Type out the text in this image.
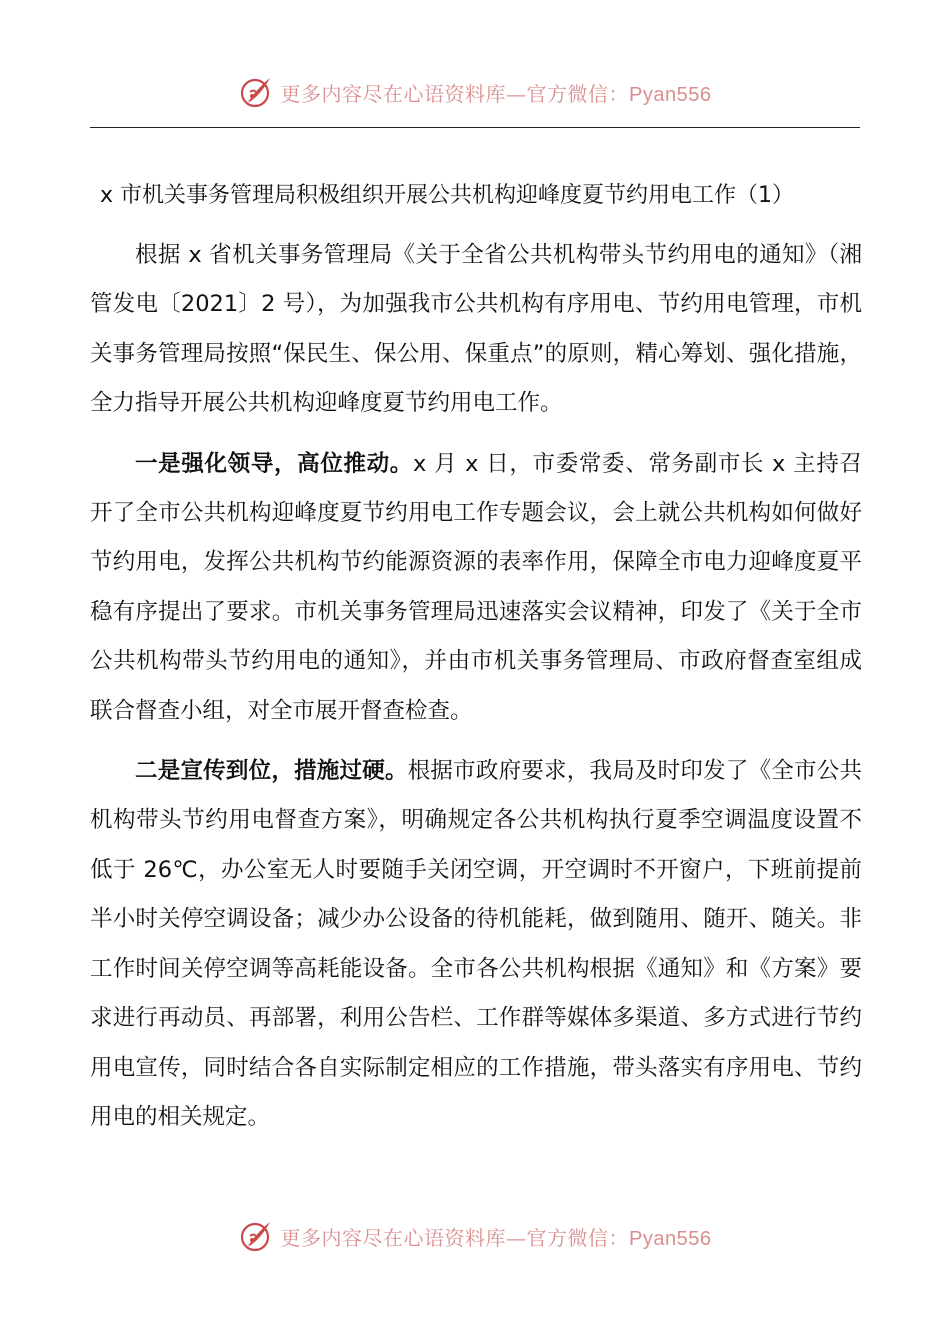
更多内容尽在心语资料库—官方微信：Pyan556
x 市机关事务管理局积极组织开展公共机构迎峰度夏节约用电工作（1）

根据 x 省机关事务管理局《关于全省公共机构带头节约用电的通知》（湘管发电〔2021〕2 号），为加强我市公共机构有序用电、节约用电管理，市机关事务管理局按照“保民生、保公用、保重点”的原则，精心筹划、强化措施，全力指导开展公共机构迎峰度夏节约用电工作。

一是强化领导，高位推动。x 月 x 日，市委常委、常务副市长 x 主持召开了全市公共机构迎峰度夏节约用电工作专题会议，会上就公共机构如何做好节约用电，发挥公共机构节约能源资源的表率作用，保障全市电力迎峰度夏平稳有序提出了要求。市机关事务管理局迅速落实会议精神，印发了《关于全市公共机构带头节约用电的通知》，并由市机关事务管理局、市政府督查室组成联合督查小组，对全市展开督查检查。

二是宣传到位，措施过硬。根据市政府要求，我局及时印发了《全市公共机构带头节约用电督查方案》，明确规定各公共机构执行夏季空调温度设置不低于 26℃，办公室无人时要随手关闭空调，开空调时不开窗户，下班前提前半小时关停空调设备；减少办公设备的待机能耗，做到随用、随开、随关。非工作时间关停空调等高耗能设备。全市各公共机构根据《通知》和《方案》要求进行再动员、再部署，利用公告栏、工作群等媒体多渠道、多方式进行节约用电宣传，同时结合各自实际制定相应的工作措施，带头落实有序用电、节约用电的相关规定。

更多内容尽在心语资料库—官方微信：Pyan556
